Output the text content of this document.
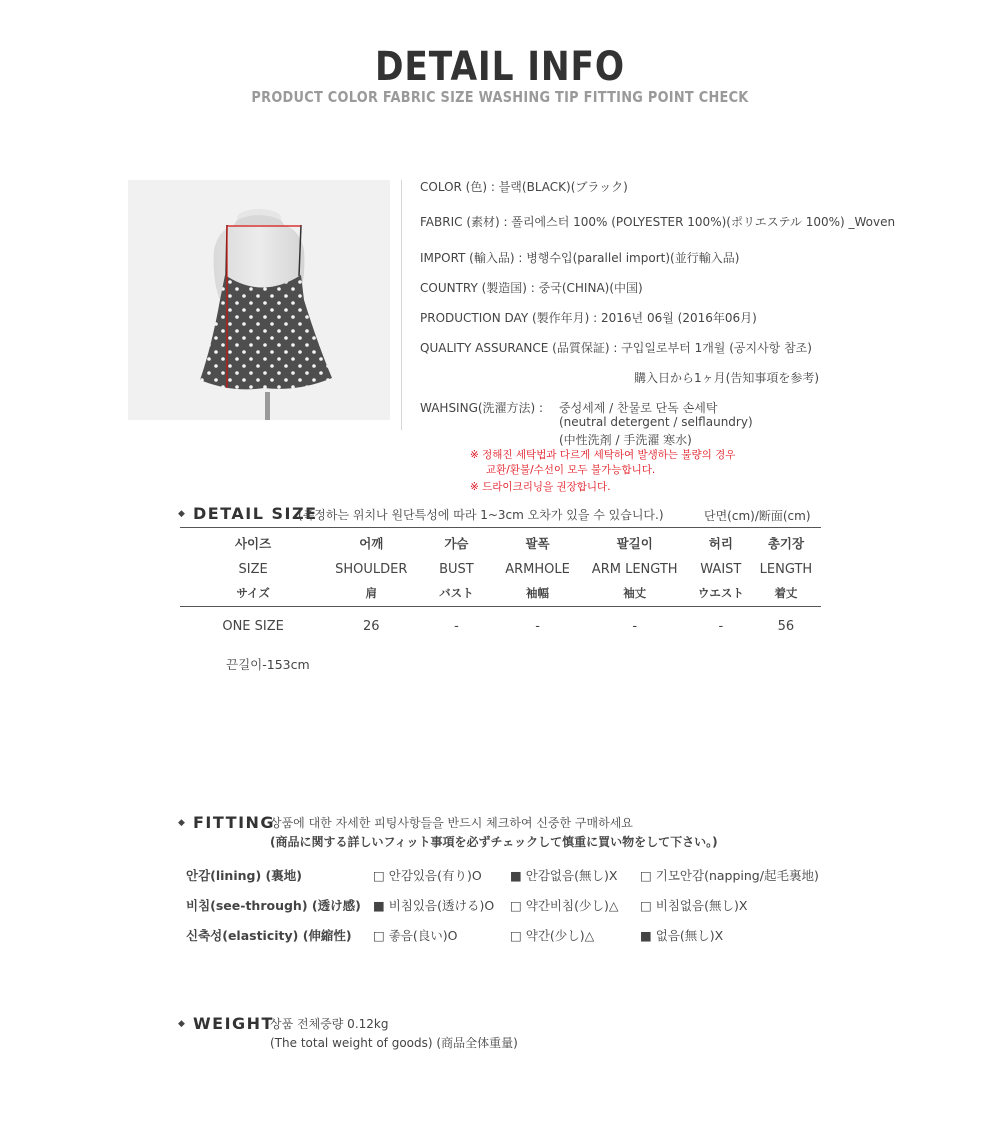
DETAIL INFO
PRODUCT COLOR FABRIC SIZE WASHING TIP FITTING POINT CHECK
COLOR (色) : 블랙(BLACK)(ブラック)
FABRIC (素材) : 폴리에스터 100% (POLYESTER 100%)(ポリエステル 100%) _Woven
IMPORT (輸入品) : 병행수입(parallel import)(並行輸入品)
COUNTRY (製造国) : 중국(CHINA)(中国)
PRODUCTION DAY (製作年月) : 2016년 06월 (2016年06月)
QUALITY ASSURANCE (品質保証) : 구입일로부터 1개월 (공지사항 참조)
購入日から1ヶ月(告知事項を参考)
WAHSING(洗濯方法) : 중성세제 / 찬물로 단독 손세탁
(neutral detergent / selflaundry)
(中性洗剤 / 手洗濯 寒水)
※ 정해진 세탁법과 다르게 세탁하여 발생하는 불량의 경우
교환/환불/수선이 모두 불가능합니다.
※ 드라이크리닝을 권장합니다.
◆ DETAIL SIZE
(측정하는 위치나 원단특성에 따라 1~3cm 오차가 있을 수 있습니다.)	단면(cm)/断面(cm)
사이즈	어깨	가슴	팔폭	팔길이	허리	총기장
SIZE	SHOULDER	BUST	ARMHOLE	ARM LENGTH	WAIST	LENGTH
サイズ	肩	バスト	袖幅	袖丈	ウエスト	着丈
ONE SIZE	26	-	-	-	-	56
끈길이-153cm
◆ FITTING
상품에 대한 자세한 피팅사항들을 반드시 체크하여 신중한 구매하세요
(商品に関する詳しいフィット事項を必ずチェックして慎重に買い物をして下さい。)
안감(lining) (裏地)	□ 안감있음(有り)O ■ 안감없음(無し)X □ 기모안감(napping/起毛裏地)
비침(see-through) (透け感) ■ 비침있음(透ける)O □ 약간비침(少し)△ □ 비침없음(無し)X
신축성(elasticity) (伸縮性) □ 좋음(良い)O	□ 약간(少し)△	■ 없음(無し)X
◆ WEIGHT
상품 전체중량 0.12kg
(The total weight of goods) (商品全体重量)
